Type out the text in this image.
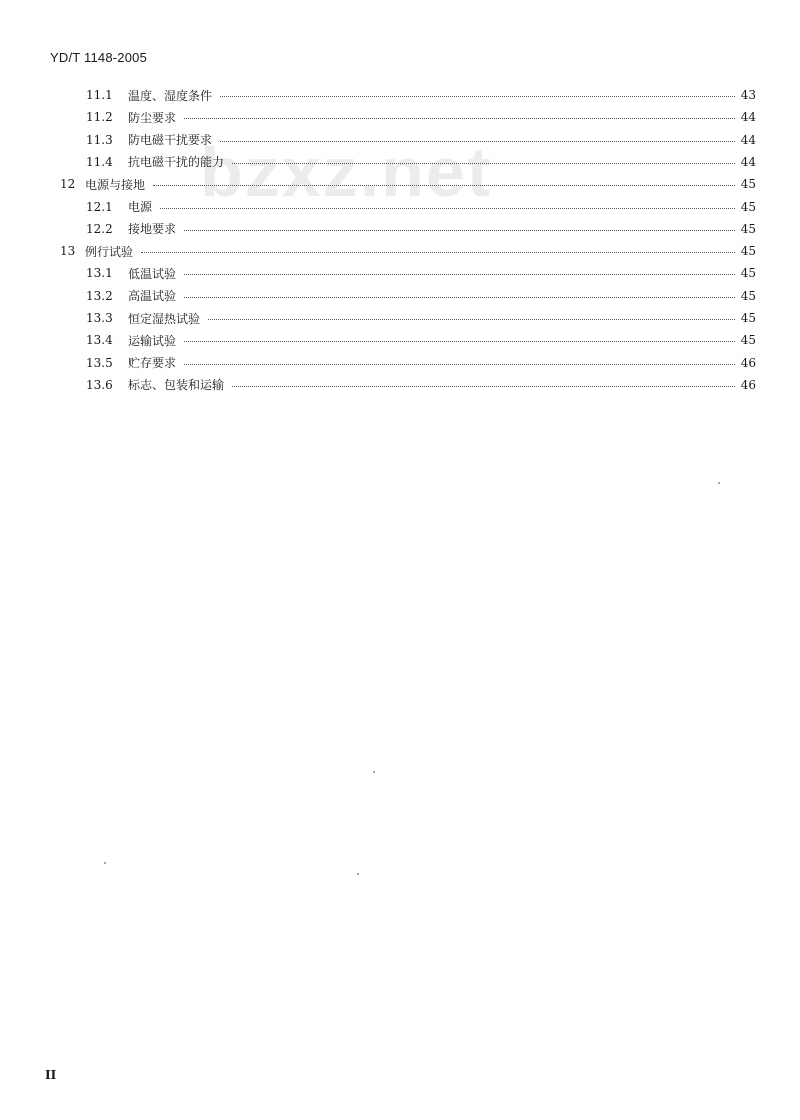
YD/T 1148-2005
bzxz.net
11.1 温度、湿度条件	43
11.2 防尘要求	44
11.3 防电磁干扰要求	44
11.4 抗电磁干扰的能力	44
12 电源与接地	45
12.1 电源	45
12.2 接地要求	45
13 例行试验	45
13.1 低温试验	45
13.2 高温试验	45
13.3 恒定湿热试验	45
13.4 运输试验	45
13.5 贮存要求	46
13.6 标志、包装和运输	46
II
